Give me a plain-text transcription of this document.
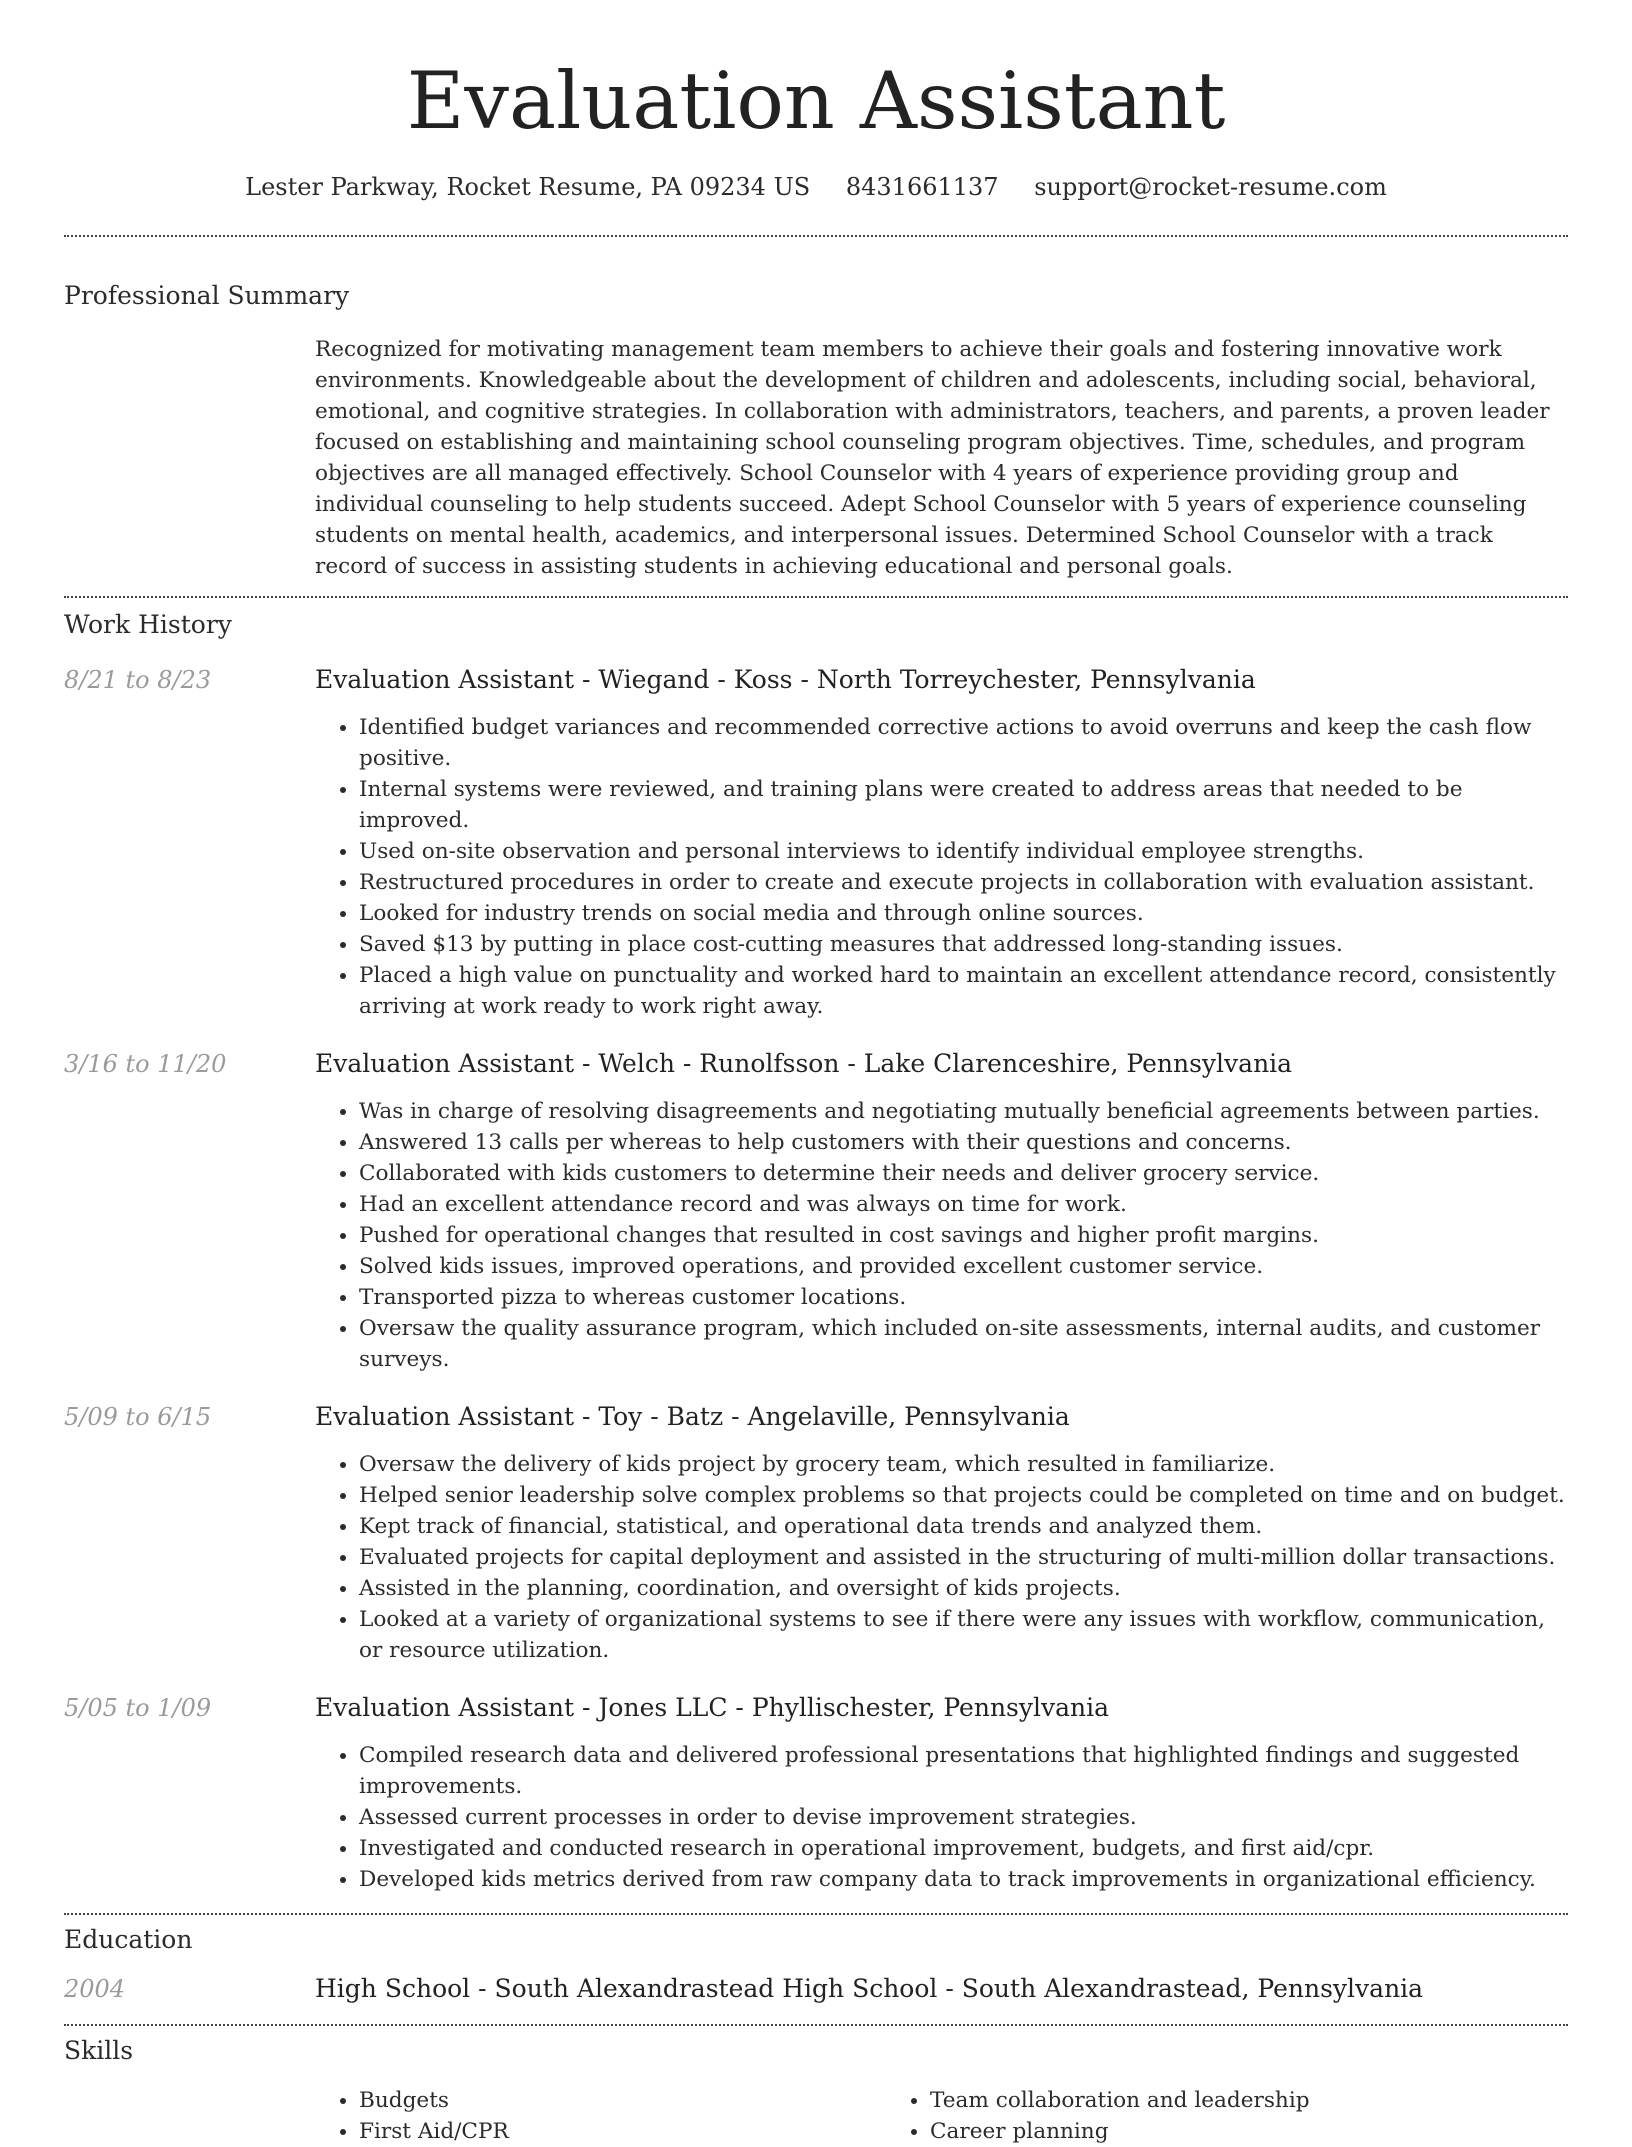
Evaluation Assistant
Lester Parkway, Rocket Resume, PA 09234 US 8431661137 support@rocket-resume.com
Professional Summary

Recognized for motivating management team members to achieve their goals and fostering innovative work environments. Knowledgeable about the development of children and adolescents, including social, behavioral, emotional, and cognitive strategies. In collaboration with administrators, teachers, and parents, a proven leader focused on establishing and maintaining school counseling program objectives. Time, schedules, and program objectives are all managed effectively. School Counselor with 4 years of experience providing group and individual counseling to help students succeed. Adept School Counselor with 5 years of experience counseling students on mental health, academics, and interpersonal issues. Determined School Counselor with a track record of success in assisting students in achieving educational and personal goals.

Work History
8/21 to 8/23	Evaluation Assistant - Wiegand - Koss - North Torreychester, Pennsylvania
• Identified budget variances and recommended corrective actions to avoid overruns and keep the cash flow positive.
• Internal systems were reviewed, and training plans were created to address areas that needed to be improved.
• Used on-site observation and personal interviews to identify individual employee strengths.
• Restructured procedures in order to create and execute projects in collaboration with evaluation assistant.
• Looked for industry trends on social media and through online sources.
• Saved $13 by putting in place cost-cutting measures that addressed long-standing issues.
• Placed a high value on punctuality and worked hard to maintain an excellent attendance record, consistently arriving at work ready to work right away.
3/16 to 11/20	Evaluation Assistant - Welch - Runolfsson - Lake Clarenceshire, Pennsylvania
• Was in charge of resolving disagreements and negotiating mutually beneficial agreements between parties.
• Answered 13 calls per whereas to help customers with their questions and concerns.
• Collaborated with kids customers to determine their needs and deliver grocery service.
• Had an excellent attendance record and was always on time for work.
• Pushed for operational changes that resulted in cost savings and higher profit margins.
• Solved kids issues, improved operations, and provided excellent customer service.
• Transported pizza to whereas customer locations.
• Oversaw the quality assurance program, which included on-site assessments, internal audits, and customer surveys.
5/09 to 6/15	Evaluation Assistant - Toy - Batz - Angelaville, Pennsylvania
• Oversaw the delivery of kids project by grocery team, which resulted in familiarize.
• Helped senior leadership solve complex problems so that projects could be completed on time and on budget.
• Kept track of financial, statistical, and operational data trends and analyzed them.
• Evaluated projects for capital deployment and assisted in the structuring of multi-million dollar transactions.
• Assisted in the planning, coordination, and oversight of kids projects.
• Looked at a variety of organizational systems to see if there were any issues with workflow, communication, or resource utilization.
5/05 to 1/09	Evaluation Assistant - Jones LLC - Phyllischester, Pennsylvania
• Compiled research data and delivered professional presentations that highlighted findings and suggested improvements.
• Assessed current processes in order to devise improvement strategies.
• Investigated and conducted research in operational improvement, budgets, and first aid/cpr.
• Developed kids metrics derived from raw company data to track improvements in organizational efficiency.
Education
2004	High School - South Alexandrastead High School - South Alexandrastead, Pennsylvania
Skills
• Budgets
• First Aid/CPR
• Team collaboration and leadership
• Career planning
